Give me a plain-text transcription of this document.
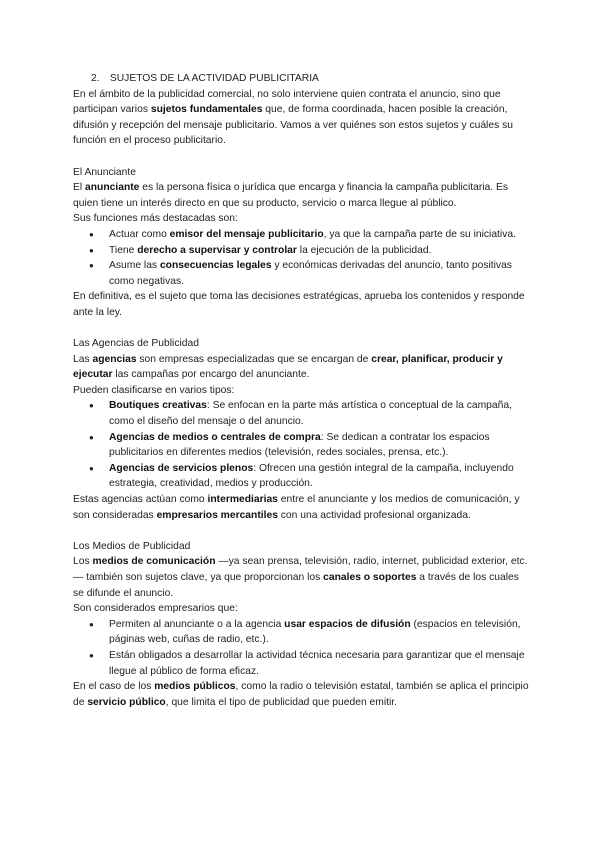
2. SUJETOS DE LA ACTIVIDAD PUBLICITARIA

En el ámbito de la publicidad comercial, no solo interviene quien contrata el anuncio, sino que participan varios sujetos fundamentales que, de forma coordinada, hacen posible la creación, difusión y recepción del mensaje publicitario. Vamos a ver quiénes son estos sujetos y cuáles su función en el proceso publicitario.

El Anunciante

El anunciante es la persona física o jurídica que encarga y financia la campaña publicitaria. Es quien tiene un interés directo en que su producto, servicio o marca llegue al público.

Sus funciones más destacadas son:

● Actuar como emisor del mensaje publicitario, ya que la campaña parte de su iniciativa.
● Tiene derecho a supervisar y controlar la ejecución de la publicidad.
● Asume las consecuencias legales y económicas derivadas del anuncio, tanto positivas como negativas.

En definitiva, es el sujeto que toma las decisiones estratégicas, aprueba los contenidos y responde ante la ley.

Las Agencias de Publicidad

Las agencias son empresas especializadas que se encargan de crear, planificar, producir y ejecutar las campañas por encargo del anunciante.

Pueden clasificarse en varios tipos:

● Boutiques creativas: Se enfocan en la parte más artística o conceptual de la campaña, como el diseño del mensaje o del anuncio.
● Agencias de medios o centrales de compra: Se dedican a contratar los espacios publicitarios en diferentes medios (televisión, redes sociales, prensa, etc.).
● Agencias de servicios plenos: Ofrecen una gestión integral de la campaña, incluyendo estrategia, creatividad, medios y producción.

Estas agencias actúan como intermediarias entre el anunciante y los medios de comunicación, y son consideradas empresarios mercantiles con una actividad profesional organizada.

Los Medios de Publicidad

Los medios de comunicación —ya sean prensa, televisión, radio, internet, publicidad exterior, etc.— también son sujetos clave, ya que proporcionan los canales o soportes a través de los cuales se difunde el anuncio.

Son considerados empresarios que:

● Permiten al anunciante o a la agencia usar espacios de difusión (espacios en televisión, páginas web, cuñas de radio, etc.).
● Están obligados a desarrollar la actividad técnica necesaria para garantizar que el mensaje llegue al público de forma eficaz.

En el caso de los medios públicos, como la radio o televisión estatal, también se aplica el principio de servicio público, que limita el tipo de publicidad que pueden emitir.
